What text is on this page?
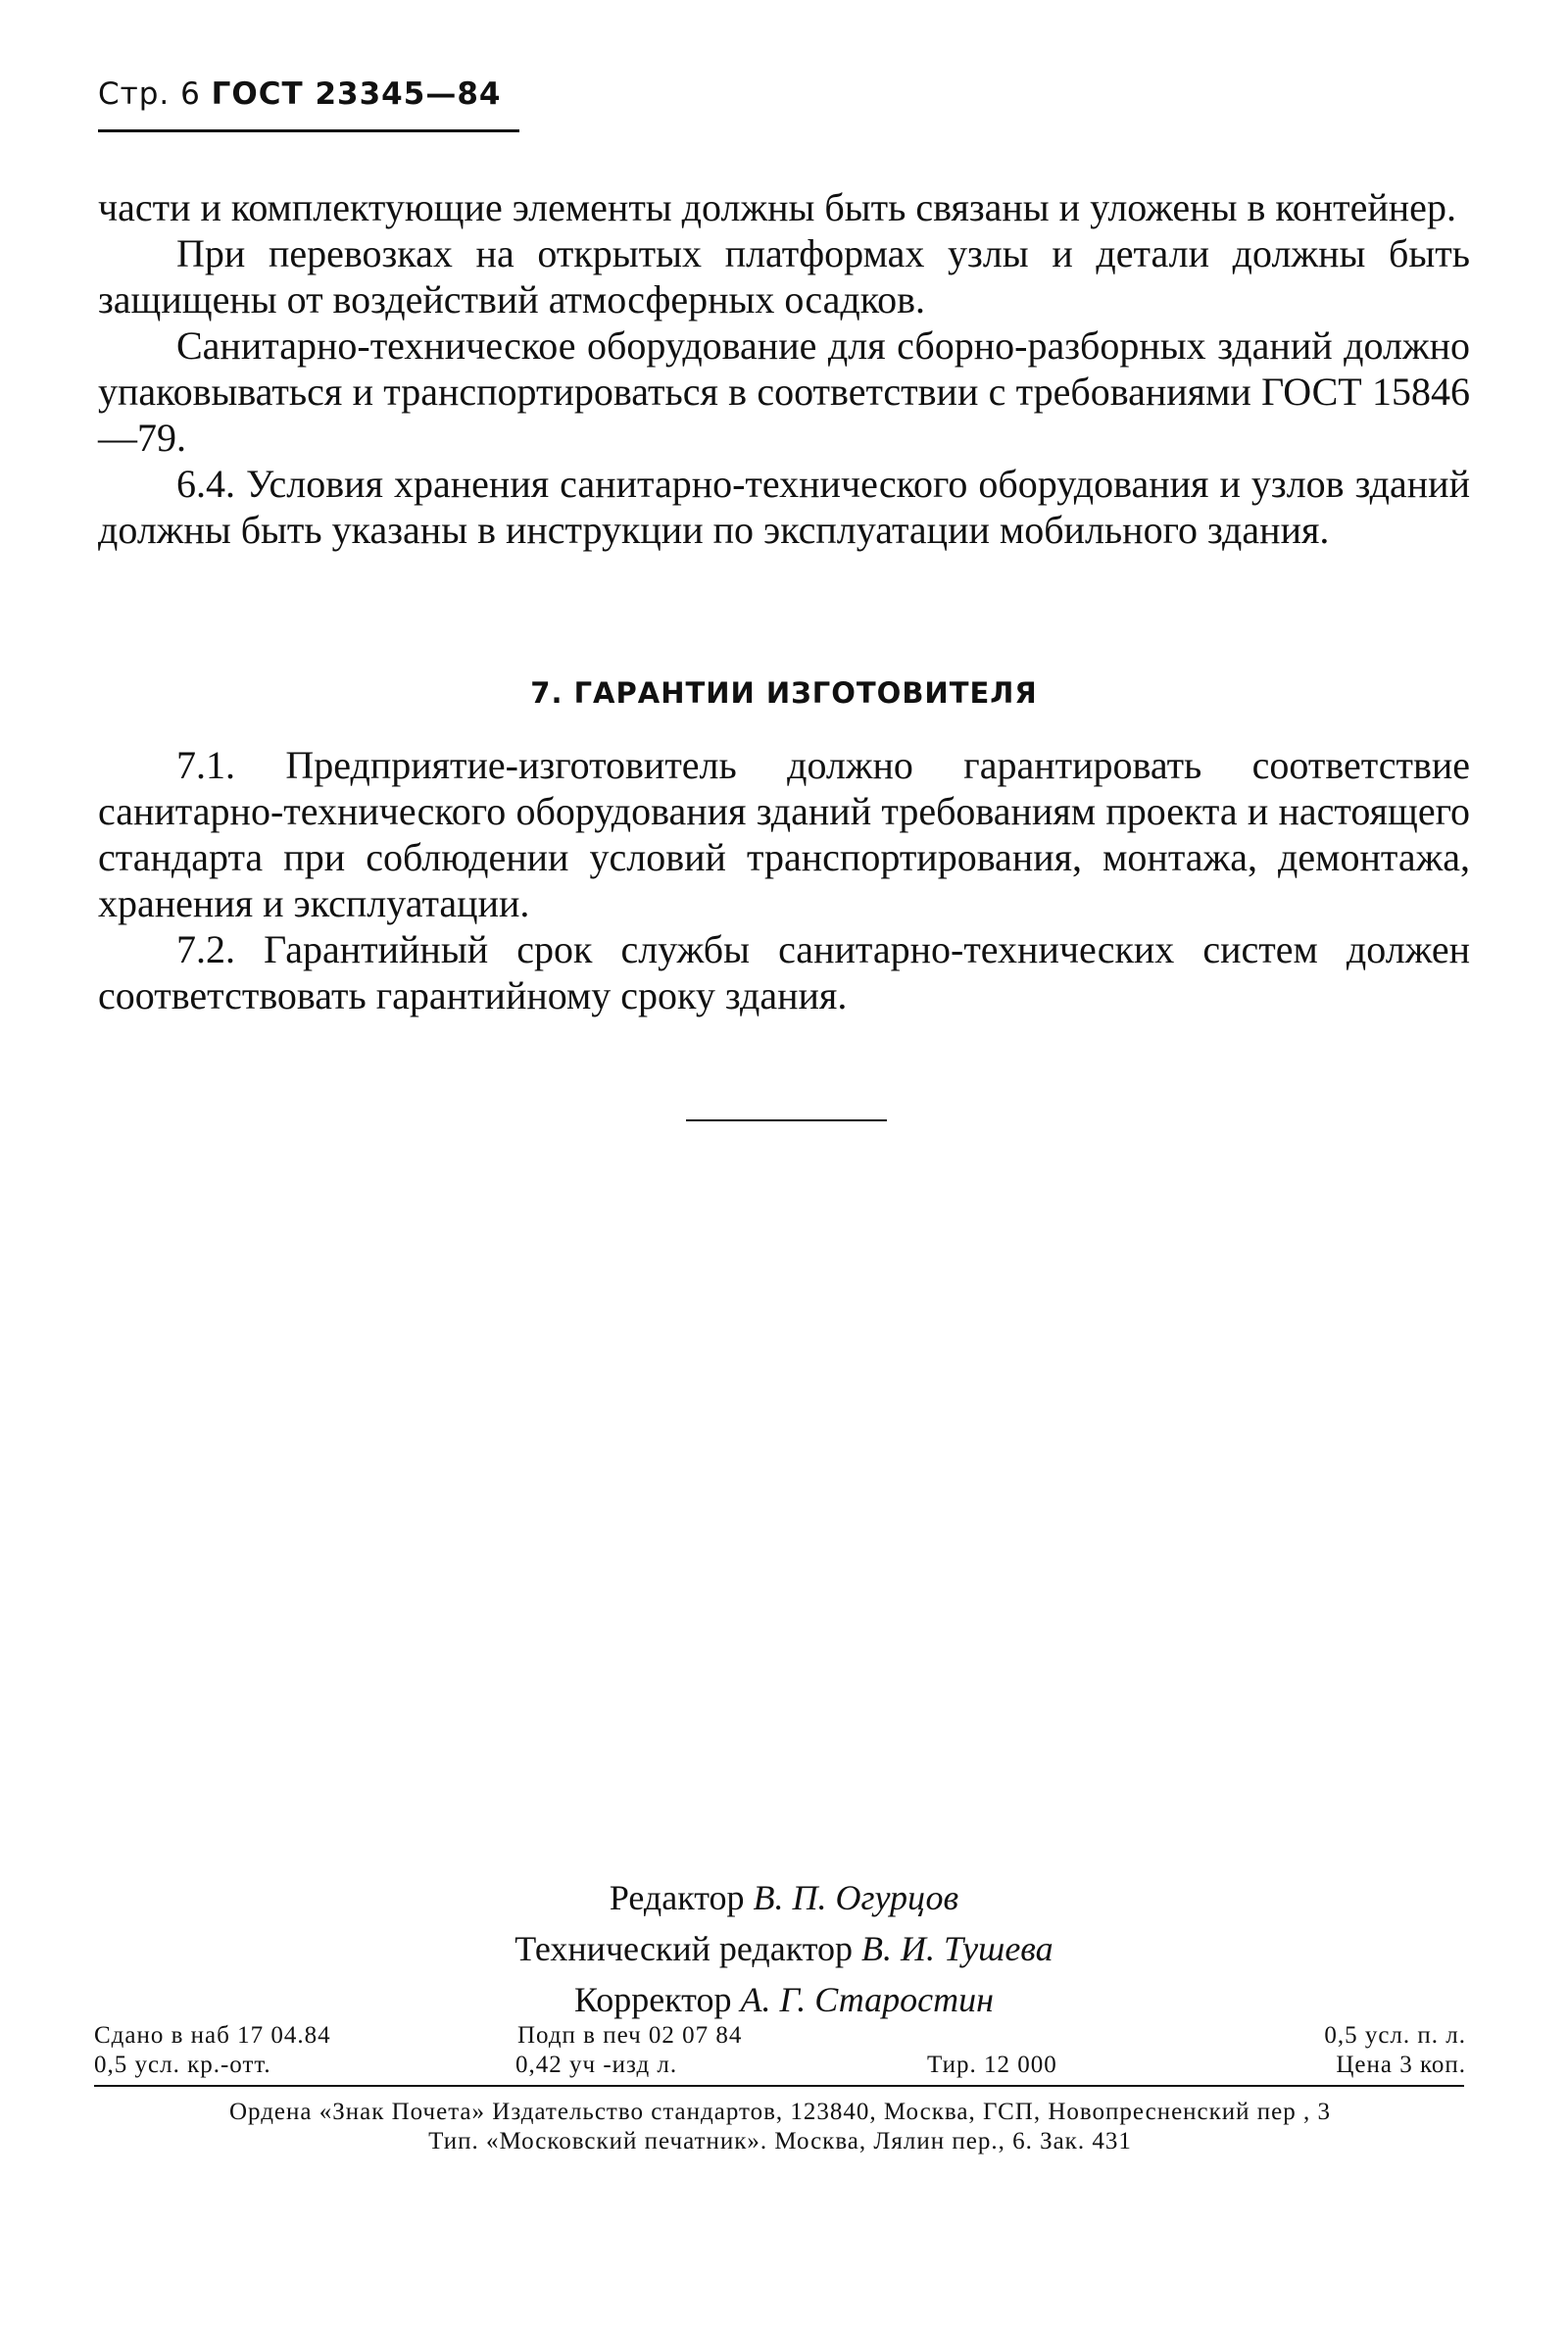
Стр. 6 ГОСТ 23345—84

части и комплектующие элементы должны быть связаны и уложены в контейнер.

При перевозках на открытых платформах узлы и детали должны быть защищены от воздействий атмосферных осадков.

Санитарно-техническое оборудование для сборно-разборных зданий должно упаковываться и транспортироваться в соответствии с требованиями ГОСТ 15846—79.

6.4. Условия хранения санитарно-технического оборудования и узлов зданий должны быть указаны в инструкции по эксплуатации мобильного здания.

7. ГАРАНТИИ ИЗГОТОВИТЕЛЯ

7.1. Предприятие-изготовитель должно гарантировать соответствие санитарно-технического оборудования зданий требованиям проекта и настоящего стандарта при соблюдении условий транспортирования, монтажа, демонтажа, хранения и эксплуатации.

7.2. Гарантийный срок службы санитарно-технических систем должен соответствовать гарантийному сроку здания.

Редактор В. П. Огурцов
Технический редактор В. И. Тушева
Корректор А. Г. Старостин
Сдано в наб 17 04.84	Подп в печ 02 07 84	0,5 усл. п. л.
0,5 усл. кр.-отт.	0,42 уч -изд л.	Тир. 12 000	Цена 3 коп.
Ордена «Знак Почета» Издательство стандартов, 123840, Москва, ГСП, Новопресненский пер , 3
Тип. «Московский печатник». Москва, Лялин пер., 6. Зак. 431
